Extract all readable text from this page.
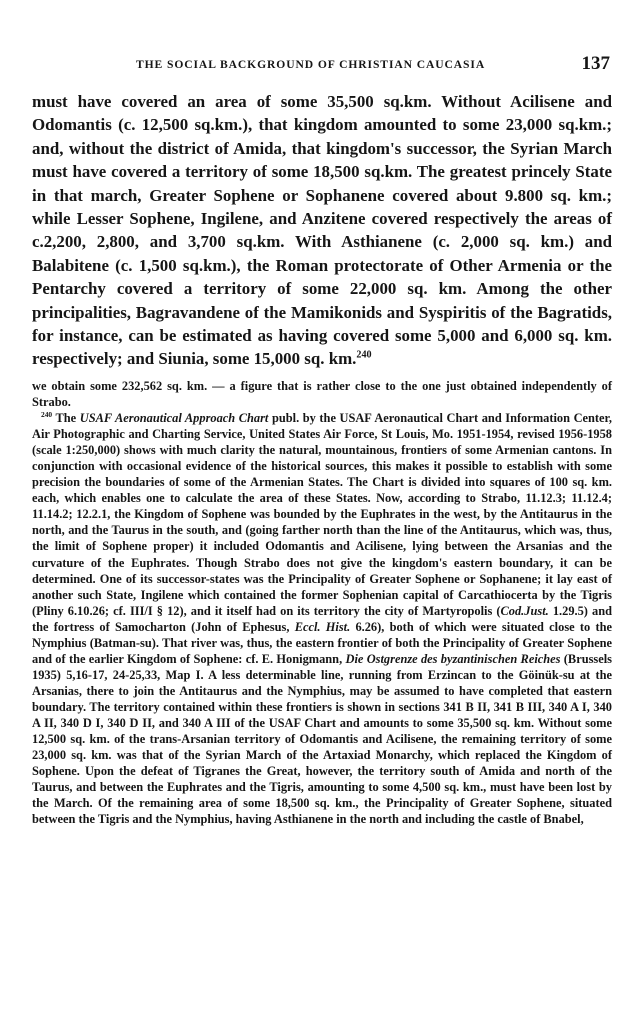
THE SOCIAL BACKGROUND OF CHRISTIAN CAUCASIA	137

must have covered an area of some 35,500 sq.km. Without Acilisene and Odomantis (c. 12,500 sq.km.), that kingdom amounted to some 23,000 sq.km.; and, without the district of Amida, that kingdom's successor, the Syrian March must have covered a territory of some 18,500 sq.km. The greatest princely State in that march, Greater Sophene or Sophanene covered about 9.800 sq. km.; while Lesser Sophene, Ingilene, and Anzitene covered respectively the areas of c.2,200, 2,800, and 3,700 sq.km. With Asthianene (c. 2,000 sq. km.) and Balabitene (c. 1,500 sq.km.), the Roman protectorate of Other Armenia or the Pentarchy covered a territory of some 22,000 sq. km. Among the other principalities, Bagravandene of the Mamikonids and Syspiritis of the Bagratids, for instance, can be estimated as having covered some 5,000 and 6,000 sq. km. respectively; and Siunia, some 15,000 sq. km.$^{240}$

we obtain some 232,562 sq. km. — a figure that is rather close to the one just obtained independently of Strabo.

$^{240}$ The USAF Aeronautical Approach Chart publ. by the USAF Aeronautical Chart and Information Center, Air Photographic and Charting Service, United States Air Force, St Louis, Mo. 1951-1954, revised 1956-1958 (scale 1:250,000) shows with much clarity the natural, mountainous, frontiers of some Armenian cantons. In conjunction with occasional evidence of the historical sources, this makes it possible to establish with some precision the boundaries of some of the Armenian States. The Chart is divided into squares of 100 sq. km. each, which enables one to calculate the area of these States. Now, according to Strabo, 11.12.3; 11.12.4; 11.14.2; 12.2.1, the Kingdom of Sophene was bounded by the Euphrates in the west, by the Antitaurus in the north, and the Taurus in the south, and (going farther north than the line of the Antitaurus, which was, thus, the limit of Sophene proper) it included Odomantis and Acilisene, lying between the Arsanias and the curvature of the Euphrates. Though Strabo does not give the kingdom's eastern boundary, it can be determined. One of its successor-states was the Principality of Greater Sophene or Sophanene; it lay east of another such State, Ingilene which contained the former Sophenian capital of Carcathiocerta by the Tigris (Pliny 6.10.26; cf. III/I § 12), and it itself had on its territory the city of Martyropolis (Cod.Just. 1.29.5) and the fortress of Samocharton (John of Ephesus, Eccl. Hist. 6.26), both of which were situated close to the Nymphius (Batman-su). That river was, thus, the eastern frontier of both the Principality of Greater Sophene and of the earlier Kingdom of Sophene: cf. E. Honigmann, Die Ostgrenze des byzantinischen Reiches (Brussels 1935) 5,16-17, 24-25,33, Map I. A less determinable line, running from Erzincan to the Göinük-su at the Arsanias, there to join the Antitaurus and the Nymphius, may be assumed to have completed that eastern boundary. The territory contained within these frontiers is shown in sections 341 B II, 341 B III, 340 A I, 340 A II, 340 D I, 340 D II, and 340 A III of the USAF Chart and amounts to some 35,500 sq. km. Without some 12,500 sq. km. of the trans-Arsanian territory of Odomantis and Acilisene, the remaining territory of some 23,000 sq. km. was that of the Syrian March of the Artaxiad Monarchy, which replaced the Kingdom of Sophene. Upon the defeat of Tigranes the Great, however, the territory south of Amida and north of the Taurus, and between the Euphrates and the Tigris, amounting to some 4,500 sq. km., must have been lost by the March. Of the remaining area of some 18,500 sq. km., the Principality of Greater Sophene, situated between the Tigris and the Nymphius, having Asthianene in the north and including the castle of Bnabel,
